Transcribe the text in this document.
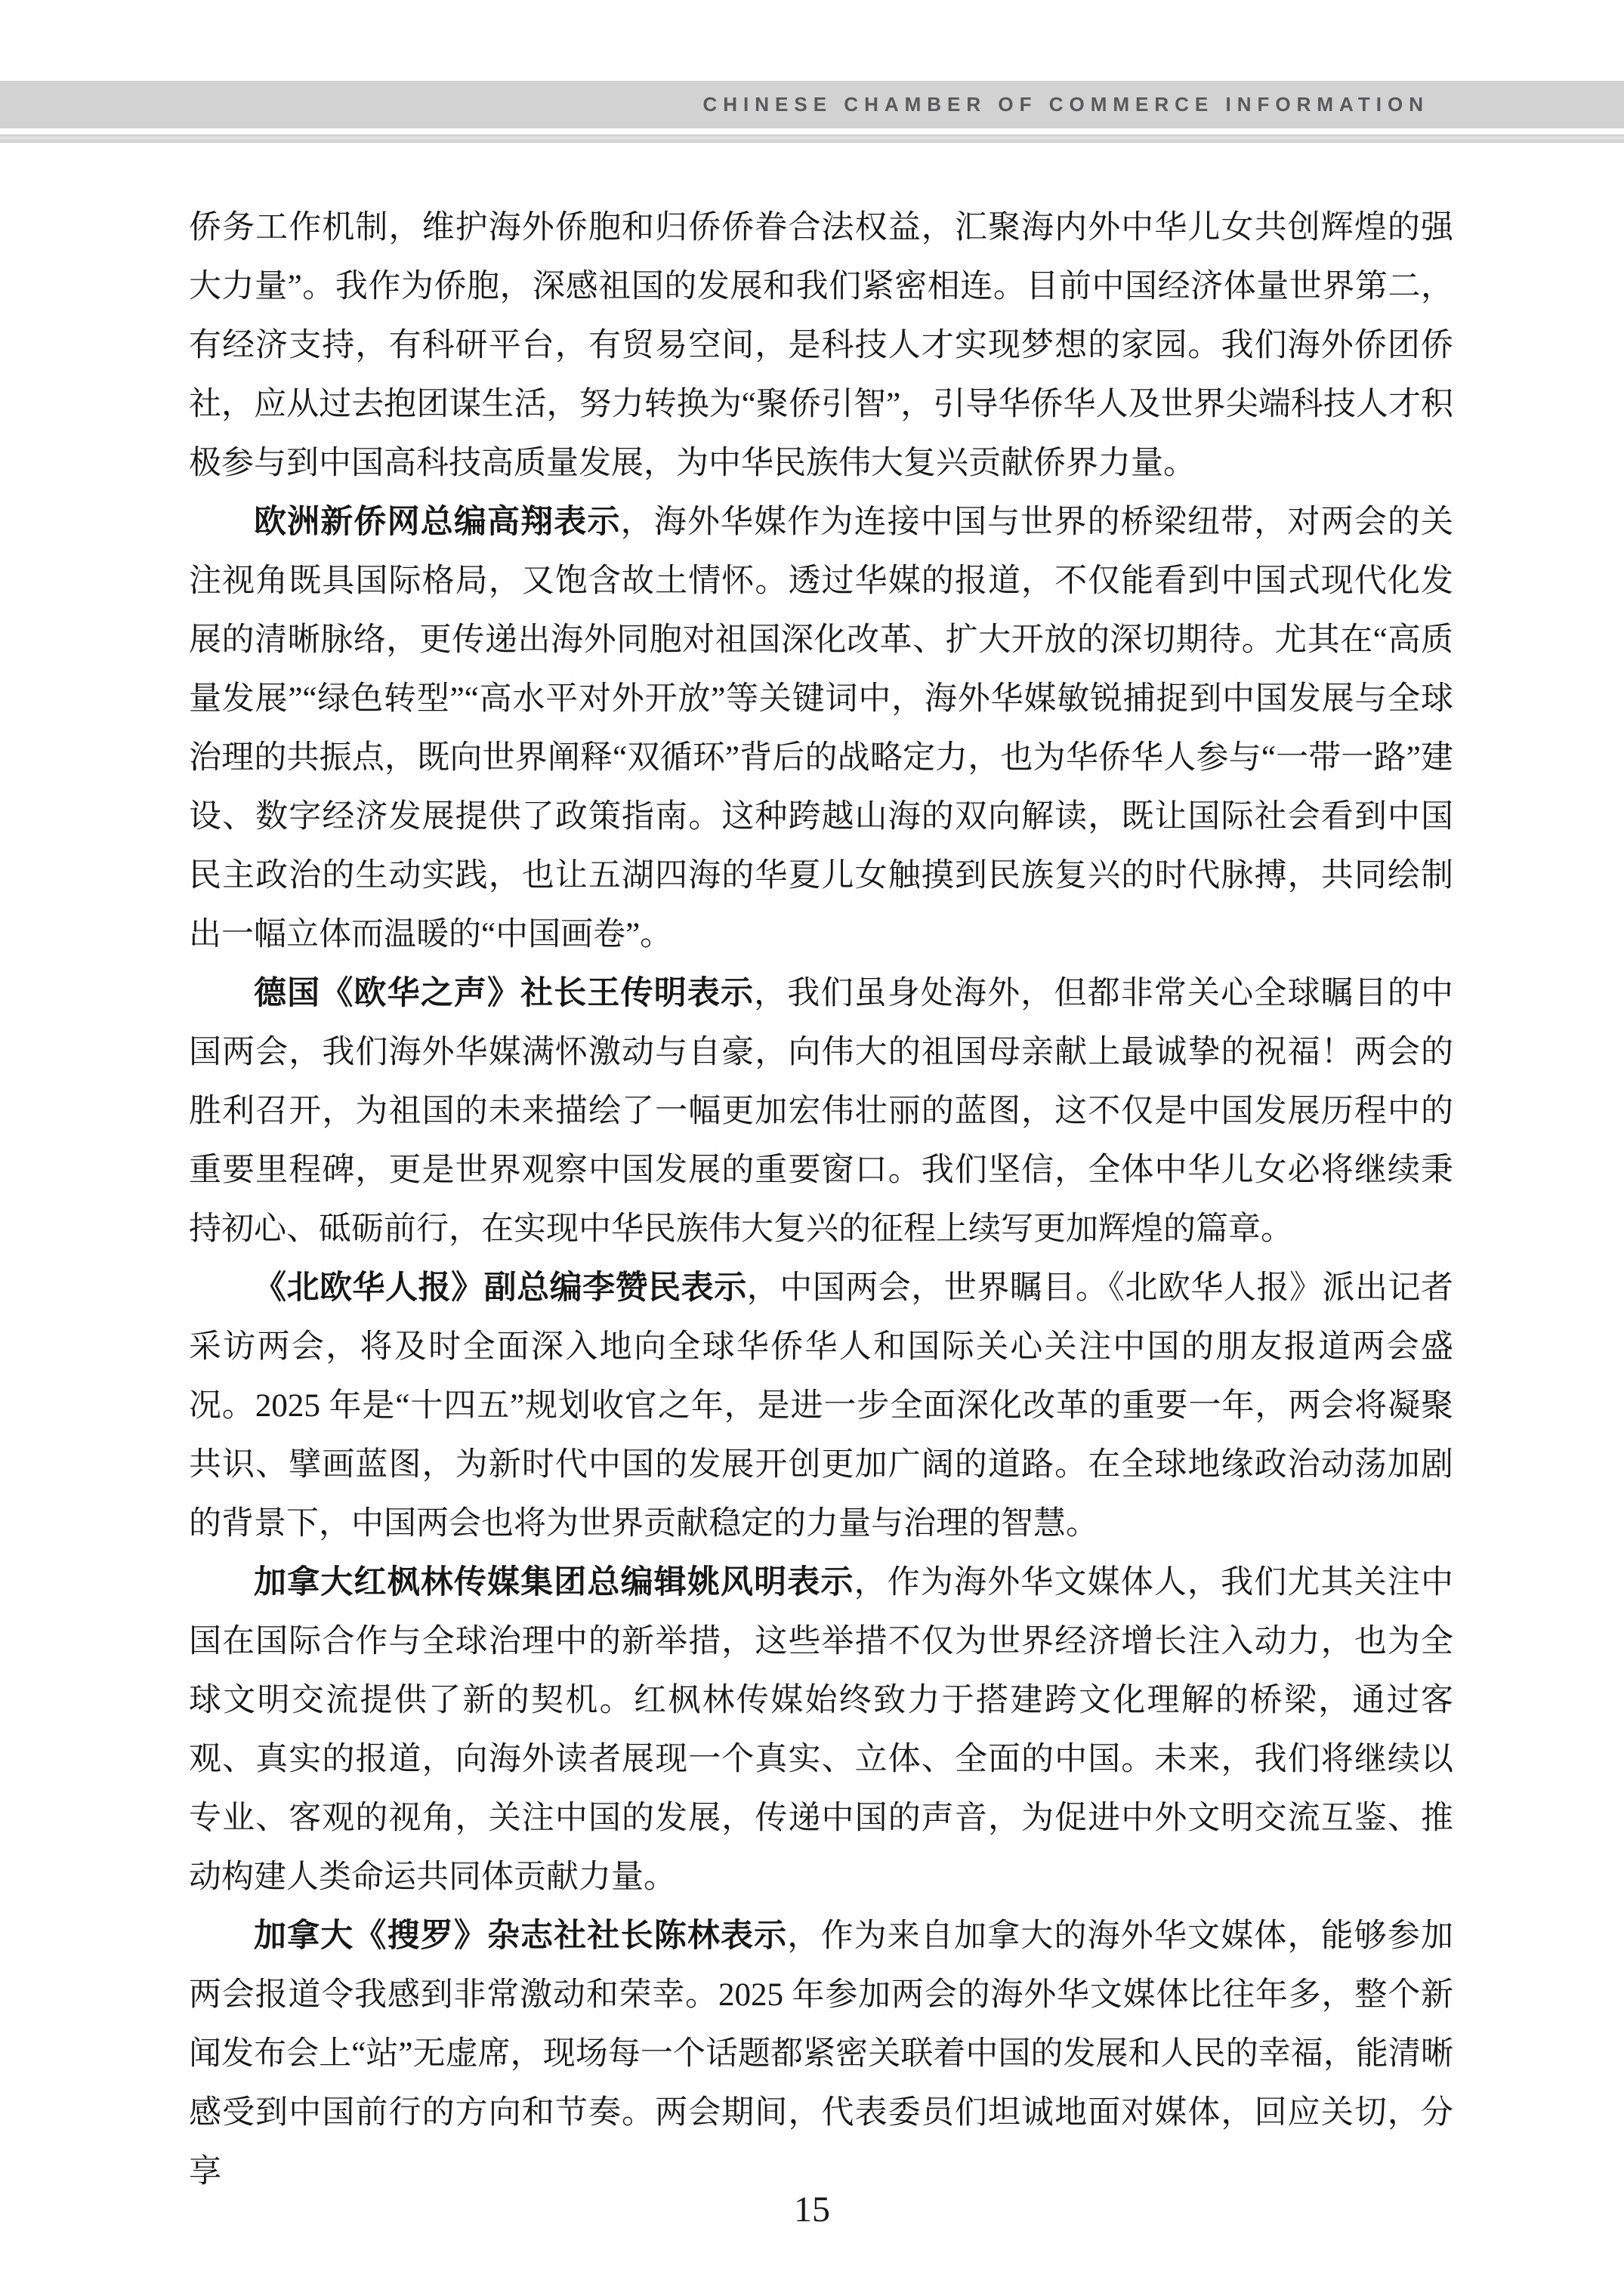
CHINESE CHAMBER OF COMMERCE INFORMATION

侨务工作机制，维护海外侨胞和归侨侨眷合法权益，汇聚海内外中华儿女共创辉煌的强大力量”。我作为侨胞，深感祖国的发展和我们紧密相连。目前中国经济体量世界第二，有经济支持，有科研平台，有贸易空间，是科技人才实现梦想的家园。我们海外侨团侨社，应从过去抱团谋生活，努力转换为“聚侨引智”，引导华侨华人及世界尖端科技人才积极参与到中国高科技高质量发展，为中华民族伟大复兴贡献侨界力量。

欧洲新侨网总编高翔表示，海外华媒作为连接中国与世界的桥梁纽带，对两会的关注视角既具国际格局，又饱含故土情怀。透过华媒的报道，不仅能看到中国式现代化发展的清晰脉络，更传递出海外同胞对祖国深化改革、扩大开放的深切期待。尤其在“高质量发展”“绿色转型”“高水平对外开放”等关键词中，海外华媒敏锐捕捉到中国发展与全球治理的共振点，既向世界阐释“双循环”背后的战略定力，也为华侨华人参与“一带一路”建设、数字经济发展提供了政策指南。这种跨越山海的双向解读，既让国际社会看到中国民主政治的生动实践，也让五湖四海的华夏儿女触摸到民族复兴的时代脉搏，共同绘制出一幅立体而温暖的“中国画卷”。

德国《欧华之声》社长王传明表示，我们虽身处海外，但都非常关心全球瞩目的中国两会，我们海外华媒满怀激动与自豪，向伟大的祖国母亲献上最诚挚的祝福！两会的胜利召开，为祖国的未来描绘了一幅更加宏伟壮丽的蓝图，这不仅是中国发展历程中的重要里程碑，更是世界观察中国发展的重要窗口。我们坚信，全体中华儿女必将继续秉持初心、砥砺前行，在实现中华民族伟大复兴的征程上续写更加辉煌的篇章。

《北欧华人报》副总编李赞民表示，中国两会，世界瞩目。《北欧华人报》派出记者采访两会，将及时全面深入地向全球华侨华人和国际关心关注中国的朋友报道两会盛况。2025 年是“十四五”规划收官之年，是进一步全面深化改革的重要一年，两会将凝聚共识、擘画蓝图，为新时代中国的发展开创更加广阔的道路。在全球地缘政治动荡加剧的背景下，中国两会也将为世界贡献稳定的力量与治理的智慧。

加拿大红枫林传媒集团总编辑姚风明表示，作为海外华文媒体人，我们尤其关注中国在国际合作与全球治理中的新举措，这些举措不仅为世界经济增长注入动力，也为全球文明交流提供了新的契机。红枫林传媒始终致力于搭建跨文化理解的桥梁，通过客观、真实的报道，向海外读者展现一个真实、立体、全面的中国。未来，我们将继续以专业、客观的视角，关注中国的发展，传递中国的声音，为促进中外文明交流互鉴、推动构建人类命运共同体贡献力量。

加拿大《搜罗》杂志社社长陈林表示，作为来自加拿大的海外华文媒体，能够参加两会报道令我感到非常激动和荣幸。2025 年参加两会的海外华文媒体比往年多，整个新闻发布会上“站”无虚席，现场每一个话题都紧密关联着中国的发展和人民的幸福，能清晰感受到中国前行的方向和节奏。两会期间，代表委员们坦诚地面对媒体，回应关切，分享

15
